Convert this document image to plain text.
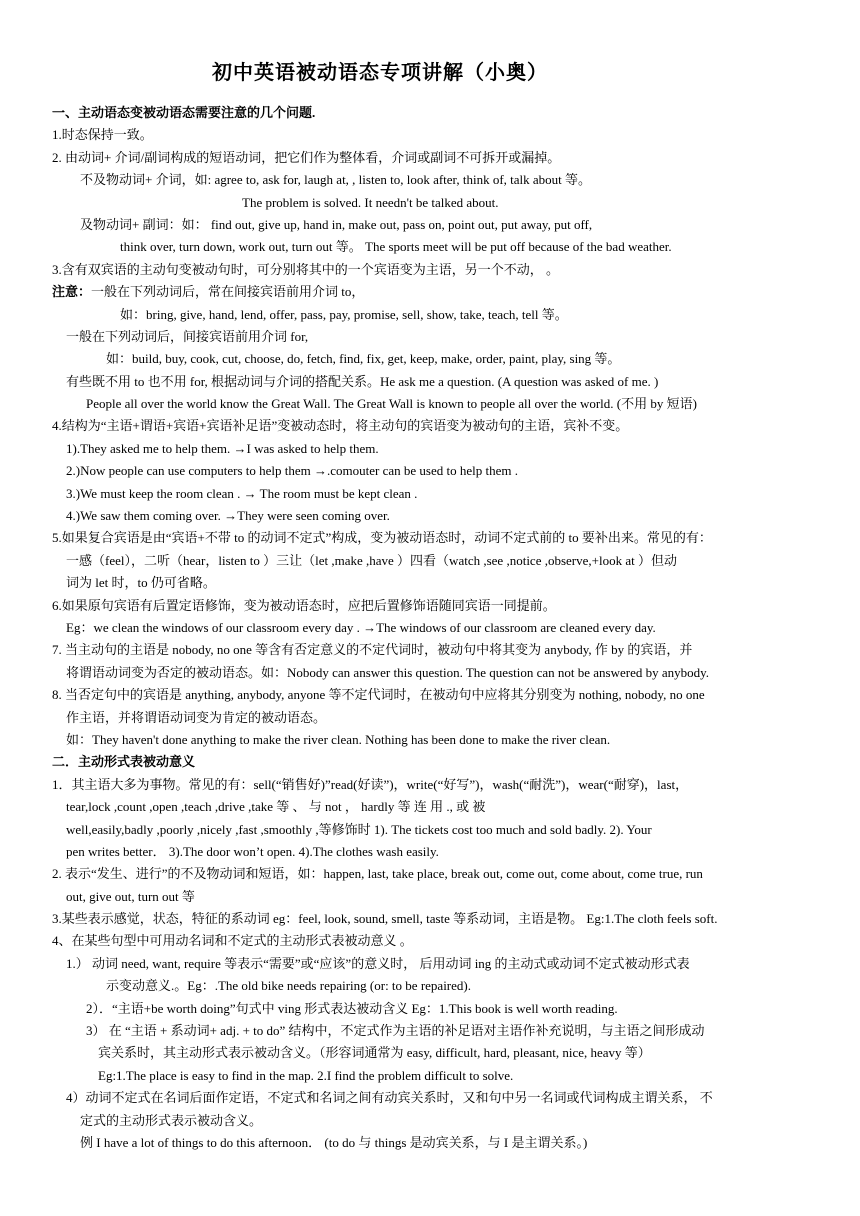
初中英语被动语态专项讲解（小奥）
一、主动语态变被动语态需要注意的几个问题.
1.时态保持一致。
2. 由动词+ 介词/副词构成的短语动词，把它们作为整体看，介词或副词不可拆开或漏掉。
不及物动词+ 介词，如: agree to, ask for, laugh at, , listen to, look after, think of, talk about 等。
The problem is solved. It needn't be talked about.
及物动词+ 副词：如： find out, give up, hand in, make out, pass on, point out, put away, put off,
think over, turn down, work out, turn out 等。 The sports meet will be put off because of the bad weather.
3.含有双宾语的主动句变被动句时，可分别将其中的一个宾语变为主语，另一个不动， 。
注意：一般在下列动词后，常在间接宾语前用介词 to，
如：bring, give, hand, lend, offer, pass, pay, promise, sell, show, take, teach, tell 等。
一般在下列动词后，间接宾语前用介词 for,
如：build, buy, cook, cut, choose, do, fetch, find, fix, get, keep, make, order, paint, play, sing 等。
有些既不用 to 也不用 for, 根据动词与介词的搭配关系。He ask me a question. (A question was asked of me. )
People all over the world know the Great Wall. The Great Wall is known to people all over the world. (不用 by 短语)
4.结构为“主语+谓语+宾语+宾语补足语”变被动态时，将主动句的宾语变为被动句的主语，宾补不变。
1).They asked me to help them. →I was asked to help them.
2.)Now people can use computers to help them →.comouter can be used to help them .
3.)We must keep the room clean . → The room must be kept clean .
4.)We saw them coming over. →They were seen coming over.
5.如果复合宾语是由“宾语+不带 to 的动词不定式”构成，变为被动语态时，动词不定式前的 to 要补出来。常见的有：
一感（feel），二听（hear，listen to ）三让（let ,make ,have ）四看（watch ,see ,notice ,observe,+look at ）但动
词为 let 时，to 仍可省略。
6.如果原句宾语有后置定语修饰，变为被动语态时，应把后置修饰语随同宾语一同提前。
Eg：we clean the windows of our classroom every day . →The windows of our classroom are cleaned every day.
7. 当主动句的主语是 nobody, no one 等含有否定意义的不定代词时，被动句中将其变为 anybody, 作 by 的宾语，并
将谓语动词变为否定的被动语态。如：Nobody can answer this question. The question can not be answered by anybody.
8. 当否定句中的宾语是 anything, anybody, anyone 等不定代词时，在被动句中应将其分别变为 nothing, nobody, no one
作主语，并将谓语动词变为肯定的被动语态。
如：They haven't done anything to make the river clean. Nothing has been done to make the river clean.
二．主动形式表被动意义
1．其主语大多为事物。常见的有：sell(“销售好)”read(好读”)，write(“好写”)，wash(“耐洗”)，wear(“耐穿)，last，
tear,lock ,count ,open ,teach ,drive ,take 等 、 与 not ， hardly 等 连 用 ., 或 被
well,easily,badly ,poorly ,nicely ,fast ,smoothly ,等修饰时 1). The tickets cost too much and sold badly. 2). Your
pen writes better． 3).The door won’t open. 4).The clothes wash easily.
2. 表示“发生、进行”的不及物动词和短语，如：happen, last, take place, break out, come out, come about, come true, run
out, give out, turn out 等
3.某些表示感觉，状态，特征的系动词 eg：feel, look, sound, smell, taste 等系动词，主语是物。 Eg:1.The cloth feels soft.
4、在某些句型中可用动名词和不定式的主动形式表被动意义 。
1.） 动词 need, want, require 等表示“需要”或“应该”的意义时， 后用动词 ing 的主动式或动词不定式被动形式表
示变动意义.。Eg：.The old bike needs repairing (or: to be repaired).
2）．“主语+be worth doing”句式中 ving 形式表达被动含义 Eg：1.This book is well worth reading.
3） 在 “主语 + 系动词+ adj. + to do” 结构中，不定式作为主语的补足语对主语作补充说明，与主语之间形成动
宾关系时，其主动形式表示被动含义。（形容词通常为 easy, difficult, hard, pleasant, nice, heavy 等）
Eg:1.The place is easy to find in the map. 2.I find the problem difficult to solve.
4）动词不定式在名词后面作定语，不定式和名词之间有动宾关系时，又和句中另一名词或代词构成主谓关系， 不
定式的主动形式表示被动含义。
例 I have a lot of things to do this afternoon． (to do 与 things 是动宾关系，与 I 是主谓关系。)
